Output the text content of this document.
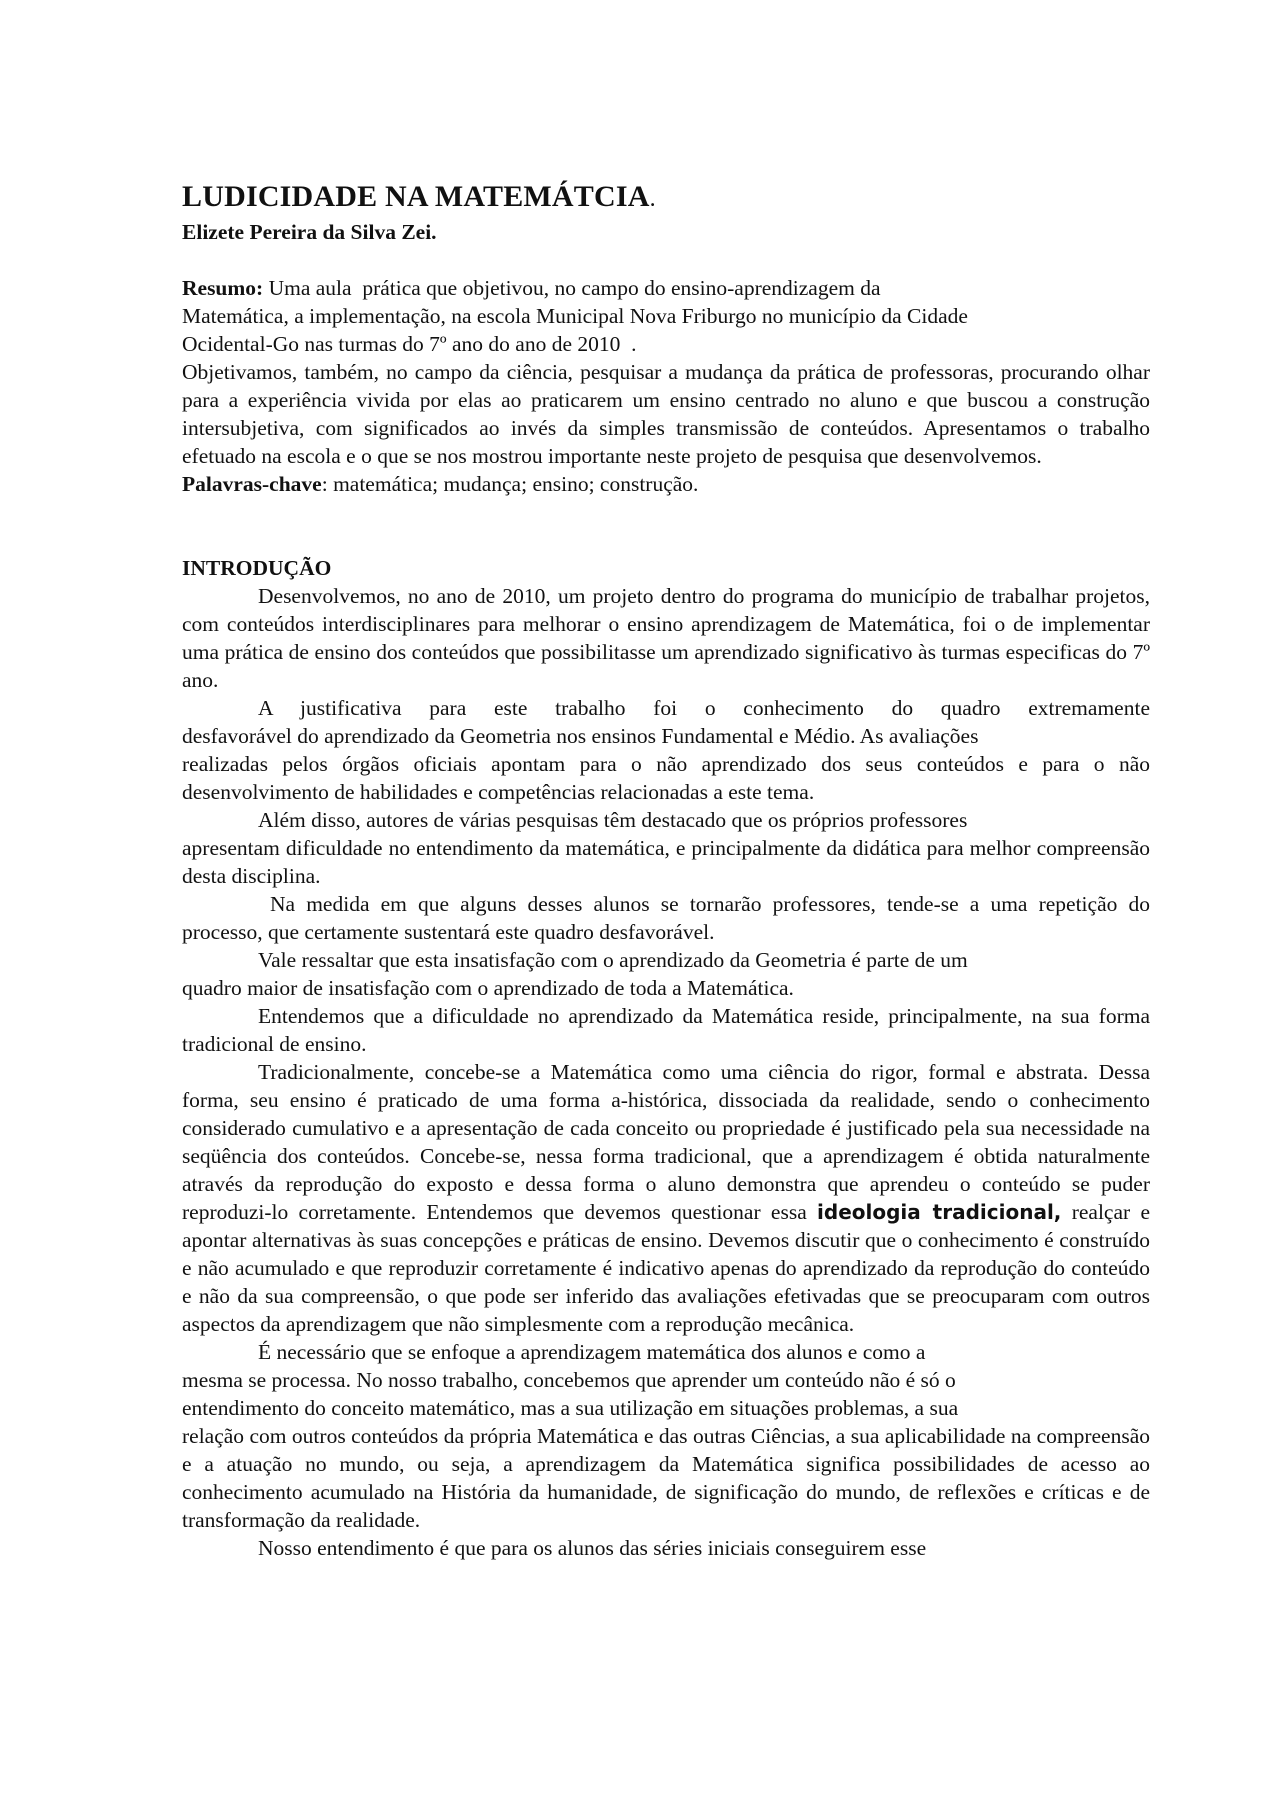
LUDICIDADE NA MATEMÁTCIA.

Elizete Pereira da Silva Zei.

Resumo: Uma aula  prática que objetivou, no campo do ensino-aprendizagem da

Matemática, a implementação, na escola Municipal Nova Friburgo no município da Cidade

Ocidental-Go nas turmas do 7º ano do ano de 2010  .

Objetivamos, também, no campo da ciência, pesquisar a mudança da prática de professoras, procurando olhar para a experiência vivida por elas ao praticarem um ensino centrado no aluno e que buscou a construção intersubjetiva, com significados ao invés da simples transmissão de conteúdos. Apresentamos o trabalho efetuado na escola e o que se nos mostrou importante neste projeto de pesquisa que desenvolvemos.

Palavras-chave: matemática; mudança; ensino; construção.

INTRODUÇÃO

Desenvolvemos, no ano de 2010, um projeto dentro do programa do município de trabalhar projetos, com conteúdos interdisciplinares para melhorar o ensino aprendizagem de Matemática, foi o de implementar uma prática de ensino dos conteúdos que possibilitasse um aprendizado significativo às turmas especificas do 7º ano.

A justificativa para este trabalho foi o conhecimento do quadro extremamente

desfavorável do aprendizado da Geometria nos ensinos Fundamental e Médio. As avaliações

realizadas pelos órgãos oficiais apontam para o não aprendizado dos seus conteúdos e para o não desenvolvimento de habilidades e competências relacionadas a este tema.

Além disso, autores de várias pesquisas têm destacado que os próprios professores

apresentam dificuldade no entendimento da matemática, e principalmente da didática para melhor compreensão desta disciplina.

Na medida em que alguns desses alunos se tornarão professores, tende-se a uma repetição do processo, que certamente sustentará este quadro desfavorável.

Vale ressaltar que esta insatisfação com o aprendizado da Geometria é parte de um

quadro maior de insatisfação com o aprendizado de toda a Matemática.

Entendemos que a dificuldade no aprendizado da Matemática reside, principalmente, na sua forma tradicional de ensino.

Tradicionalmente, concebe-se a Matemática como uma ciência do rigor, formal e abstrata. Dessa forma, seu ensino é praticado de uma forma a-histórica, dissociada da realidade, sendo o conhecimento considerado cumulativo e a apresentação de cada conceito ou propriedade é justificado pela sua necessidade na seqüência dos conteúdos. Concebe-se, nessa forma tradicional, que a aprendizagem é obtida naturalmente através da reprodução do exposto e dessa forma o aluno demonstra que aprendeu o conteúdo se puder reproduzi-lo corretamente. Entendemos que devemos questionar essa ideologia tradicional, realçar e apontar alternativas às suas concepções e práticas de ensino. Devemos discutir que o conhecimento é construído e não acumulado e que reproduzir corretamente é indicativo apenas do aprendizado da reprodução do conteúdo e não da sua compreensão, o que pode ser inferido das avaliações efetivadas que se preocuparam com outros aspectos da aprendizagem que não simplesmente com a reprodução mecânica.

É necessário que se enfoque a aprendizagem matemática dos alunos e como a

mesma se processa. No nosso trabalho, concebemos que aprender um conteúdo não é só o

entendimento do conceito matemático, mas a sua utilização em situações problemas, a sua

relação com outros conteúdos da própria Matemática e das outras Ciências, a sua aplicabilidade na compreensão e a atuação no mundo, ou seja, a aprendizagem da Matemática significa possibilidades de acesso ao conhecimento acumulado na História da humanidade, de significação do mundo, de reflexões e críticas e de transformação da realidade.

Nosso entendimento é que para os alunos das séries iniciais conseguirem esse
